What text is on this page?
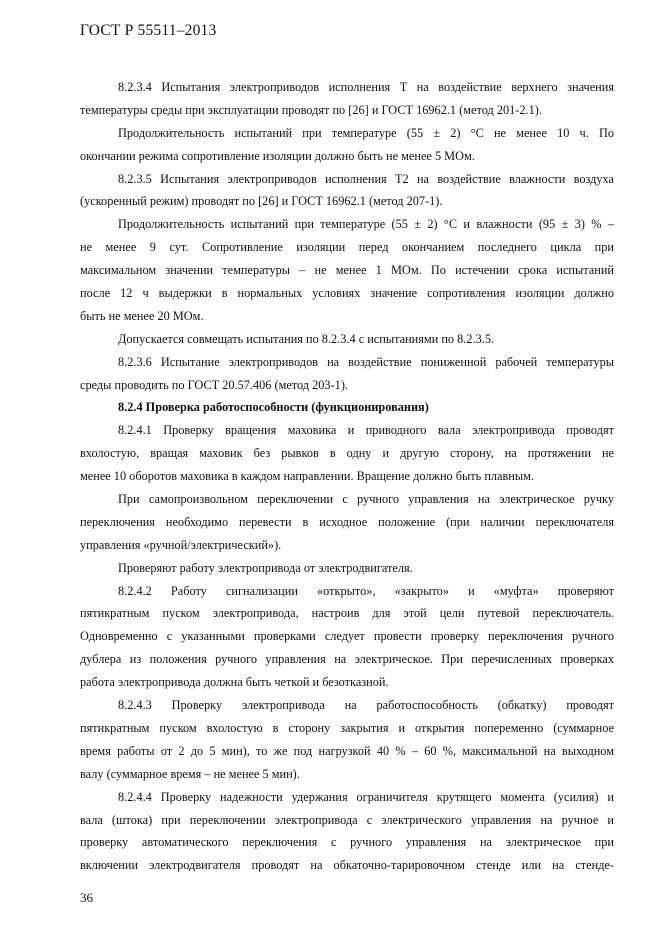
ГОСТ Р 55511–2013
8.2.3.4 Испытания электроприводов исполнения Т на воздействие верхнего значения
температуры среды при эксплуатации проводят по [26] и ГОСТ 16962.1 (метод 201-2.1).
Продолжительность испытаний при температуре (55 ± 2) °С не менее 10 ч. По
окончании режима сопротивление изоляции должно быть не менее 5 МОм.
8.2.3.5 Испытания электроприводов исполнения Т2 на воздействие влажности воздуха
(ускоренный режим) проводят по [26] и ГОСТ 16962.1 (метод 207-1).
Продолжительность испытаний при температуре (55 ± 2) °С и влажности (95 ± 3) % –
не менее 9 сут. Сопротивление изоляции перед окончанием последнего цикла при
максимальном значении температуры – не менее 1 МОм. По истечении срока испытаний
после 12 ч выдержки в нормальных условиях значение сопротивления изоляции должно
быть не менее 20 МОм.
Допускается совмещать испытания по 8.2.3.4 с испытаниями по 8.2.3.5.
8.2.3.6 Испытание электроприводов на воздействие пониженной рабочей температуры
среды проводить по ГОСТ 20.57.406 (метод 203-1).
8.2.4 Проверка работоспособности (функционирования)
8.2.4.1 Проверку вращения маховика и приводного вала электропривода проводят
вхолостую, вращая маховик без рывков в одну и другую сторону, на протяжении не
менее 10 оборотов маховика в каждом направлении. Вращение должно быть плавным.
При самопроизвольном переключении с ручного управления на электрическое ручку
переключения необходимо перевести в исходное положение (при наличии переключателя
управления «ручной/электрический»).
Проверяют работу электропривода от электродвигателя.
8.2.4.2 Работу сигнализации «открыто», «закрыто» и «муфта» проверяют
пятикратным пуском электропривода, настроив для этой цели путевой переключатель.
Одновременно с указанными проверками следует провести проверку переключения ручного
дублера из положения ручного управления на электрическое. При перечисленных проверках
работа электропривода должна быть четкой и безотказной.
8.2.4.3 Проверку электропривода на работоспособность (обкатку) проводят
пятикратным пуском вхолостую в сторону закрытия и открытия попеременно (суммарное
время работы от 2 до 5 мин), то же под нагрузкой 40 % – 60 %, максимальной на выходном
валу (суммарное время – не менее 5 мин).
8.2.4.4 Проверку надежности удержания ограничителя крутящего момента (усилия) и
вала (штока) при переключении электропривода с электрического управления на ручное и
проверку автоматического переключения с ручного управления на электрическое при
включении электродвигателя проводят на обкаточно-тарировочном стенде или на стенде-
36
